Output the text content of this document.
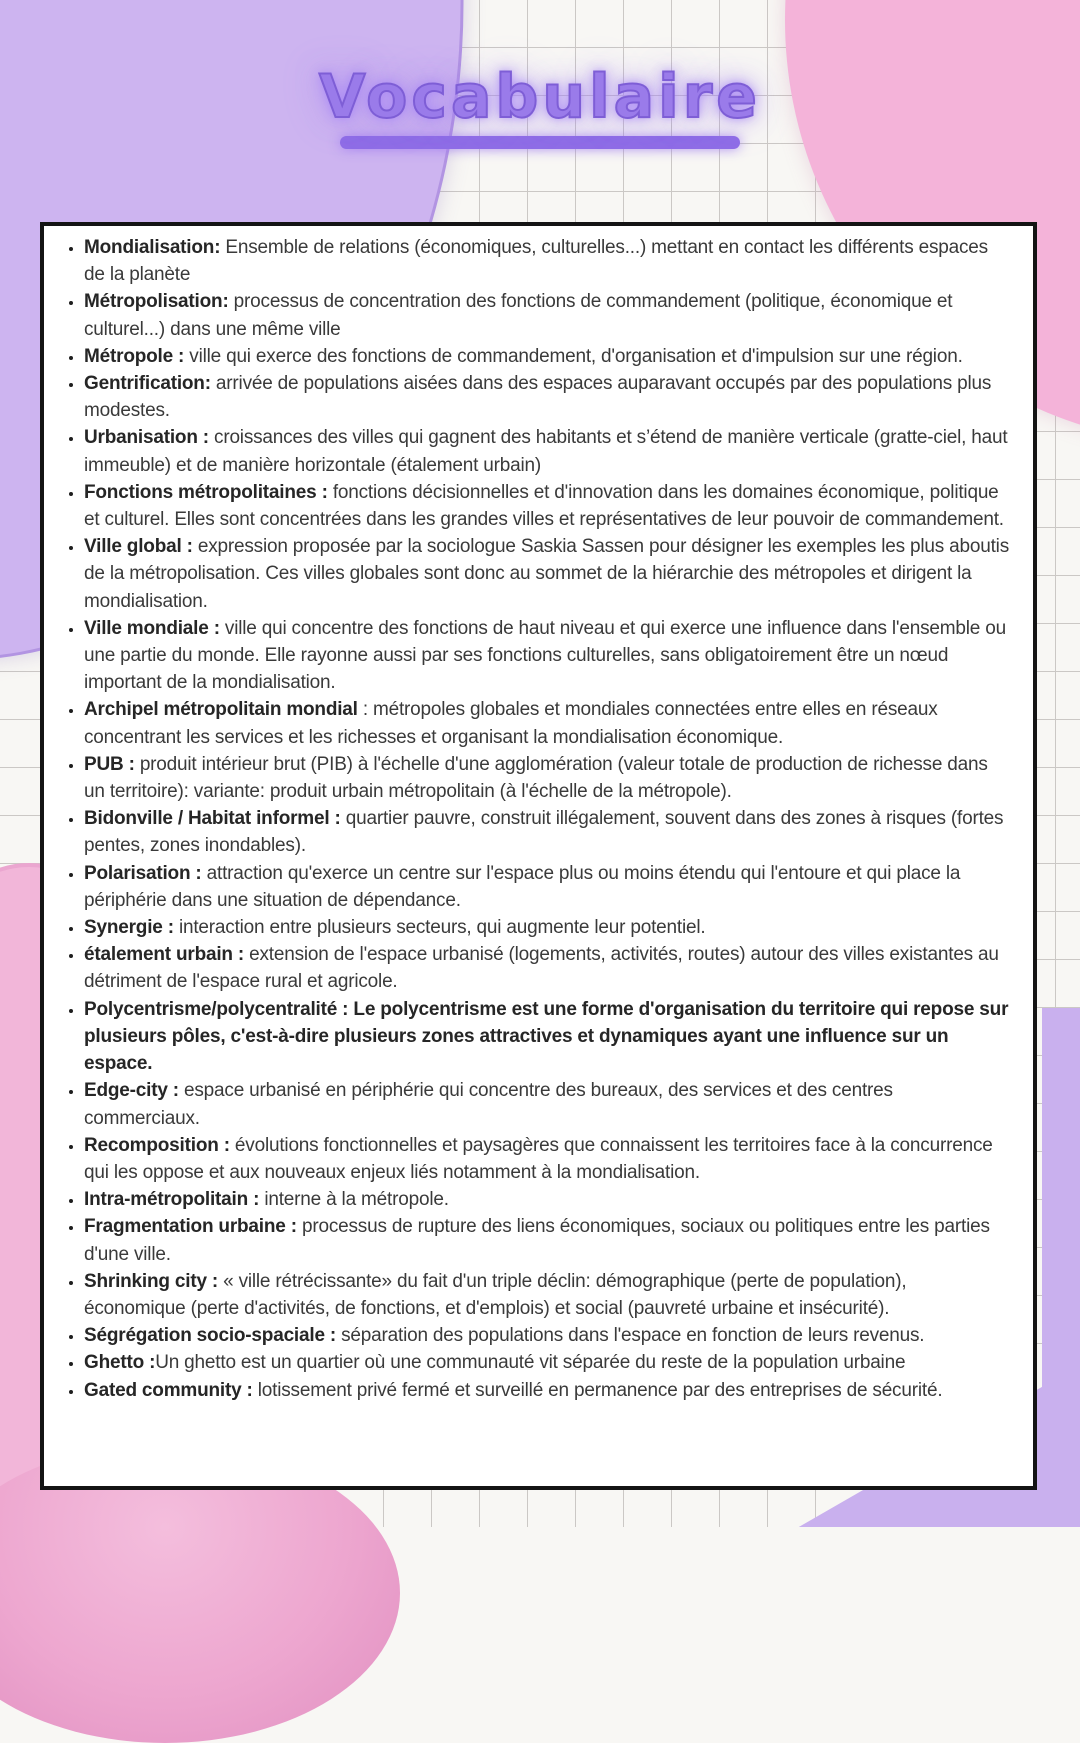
Vocabulaire
• Mondialisation: Ensemble de relations (économiques, culturelles...) mettant en contact les différents espaces de la planète
• Métropolisation: processus de concentration des fonctions de commandement (politique, économique et culturel...) dans une même ville
• Métropole : ville qui exerce des fonctions de commandement, d'organisation et d'impulsion sur une région.
• Gentrification: arrivée de populations aisées dans des espaces auparavant occupés par des populations plus modestes.
• Urbanisation : croissances des villes qui gagnent des habitants et s’étend de manière verticale (gratte-ciel, haut immeuble) et de manière horizontale (étalement urbain)
• Fonctions métropolitaines : fonctions décisionnelles et d'innovation dans les domaines économique, politique et culturel. Elles sont concentrées dans les grandes villes et représentatives de leur pouvoir de commandement.
• Ville global : expression proposée par la sociologue Saskia Sassen pour désigner les exemples les plus aboutis de la métropolisation. Ces villes globales sont donc au sommet de la hiérarchie des métropoles et dirigent la mondialisation.
• Ville mondiale : ville qui concentre des fonctions de haut niveau et qui exerce une influence dans l'ensemble ou une partie du monde. Elle rayonne aussi par ses fonctions culturelles, sans obligatoirement être un nœud important de la mondialisation.
• Archipel métropolitain mondial : métropoles globales et mondiales connectées entre elles en réseaux concentrant les services et les richesses et organisant la mondialisation économique.
• PUB : produit intérieur brut (PIB) à l'échelle d'une agglomération (valeur totale de production de richesse dans un territoire): variante: produit urbain métropolitain (à l'échelle de la métropole).
• Bidonville / Habitat informel : quartier pauvre, construit illégalement, souvent dans des zones à risques (fortes pentes, zones inondables).
• Polarisation : attraction qu'exerce un centre sur l'espace plus ou moins étendu qui l'entoure et qui place la périphérie dans une situation de dépendance.
• Synergie : interaction entre plusieurs secteurs, qui augmente leur potentiel.
• étalement urbain : extension de l'espace urbanisé (logements, activités, routes) autour des villes existantes au détriment de l'espace rural et agricole.
• Polycentrisme/polycentralité : Le polycentrisme est une forme d'organisation du territoire qui repose sur plusieurs pôles, c'est-à-dire plusieurs zones attractives et dynamiques ayant une influence sur un espace.
• Edge-city : espace urbanisé en périphérie qui concentre des bureaux, des services et des centres commerciaux.
• Recomposition : évolutions fonctionnelles et paysagères que connaissent les territoires face à la concurrence qui les oppose et aux nouveaux enjeux liés notamment à la mondialisation.
• Intra-métropolitain : interne à la métropole.
• Fragmentation urbaine : processus de rupture des liens économiques, sociaux ou politiques entre les parties d'une ville.
• Shrinking city : « ville rétrécissante» du fait d'un triple déclin: démographique (perte de population), économique (perte d'activités, de fonctions, et d'emplois) et social (pauvreté urbaine et insécurité).
• Ségrégation socio-spaciale : séparation des populations dans l'espace en fonction de leurs revenus.
• Ghetto :Un ghetto est un quartier où une communauté vit séparée du reste de la population urbaine
• Gated community : lotissement privé fermé et surveillé en permanence par des entreprises de sécurité.
